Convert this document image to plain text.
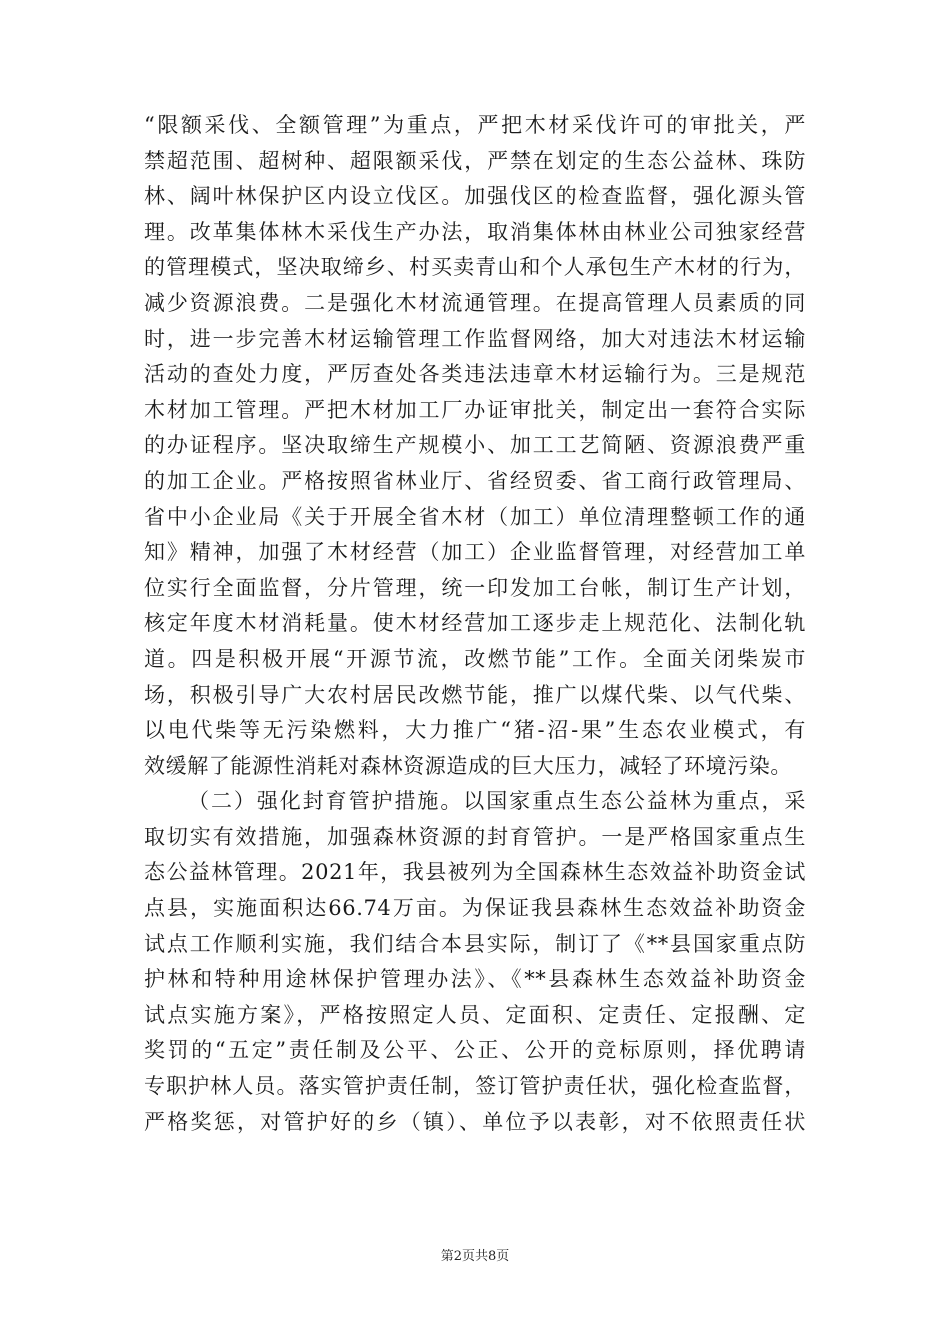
“限额采伐、全额管理”为重点，严把木材采伐许可的审批关，严
禁超范围、超树种、超限额采伐，严禁在划定的生态公益林、珠防
林、阔叶林保护区内设立伐区。加强伐区的检查监督，强化源头管
理。改革集体林木采伐生产办法，取消集体林由林业公司独家经营
的管理模式，坚决取缔乡、村买卖青山和个人承包生产木材的行为，
减少资源浪费。二是强化木材流通管理。在提高管理人员素质的同
时，进一步完善木材运输管理工作监督网络，加大对违法木材运输
活动的查处力度，严厉查处各类违法违章木材运输行为。三是规范
木材加工管理。严把木材加工厂办证审批关，制定出一套符合实际
的办证程序。坚决取缔生产规模小、加工工艺简陋、资源浪费严重
的加工企业。严格按照省林业厅、省经贸委、省工商行政管理局、
省中小企业局《关于开展全省木材（加工）单位清理整顿工作的通
知》精神，加强了木材经营（加工）企业监督管理，对经营加工单
位实行全面监督，分片管理，统一印发加工台帐，制订生产计划，
核定年度木材消耗量。使木材经营加工逐步走上规范化、法制化轨
道。四是积极开展“开源节流，改燃节能”工作。全面关闭柴炭市
场，积极引导广大农村居民改燃节能，推广以煤代柴、以气代柴、
以电代柴等无污染燃料，大力推广“猪-沼-果”生态农业模式，有
效缓解了能源性消耗对森林资源造成的巨大压力，减轻了环境污染。
（二）强化封育管护措施。以国家重点生态公益林为重点，采
取切实有效措施，加强森林资源的封育管护。一是严格国家重点生
态公益林管理。2021年，我县被列为全国森林生态效益补助资金试
点县，实施面积达66.74万亩。为保证我县森林生态效益补助资金
试点工作顺利实施，我们结合本县实际，制订了《**县国家重点防
护林和特种用途林保护管理办法》、《**县森林生态效益补助资金
试点实施方案》，严格按照定人员、定面积、定责任、定报酬、定
奖罚的“五定”责任制及公平、公正、公开的竞标原则，择优聘请
专职护林人员。落实管护责任制，签订管护责任状，强化检查监督，
严格奖惩，对管护好的乡（镇）、单位予以表彰，对不依照责任状
第2页共8页
